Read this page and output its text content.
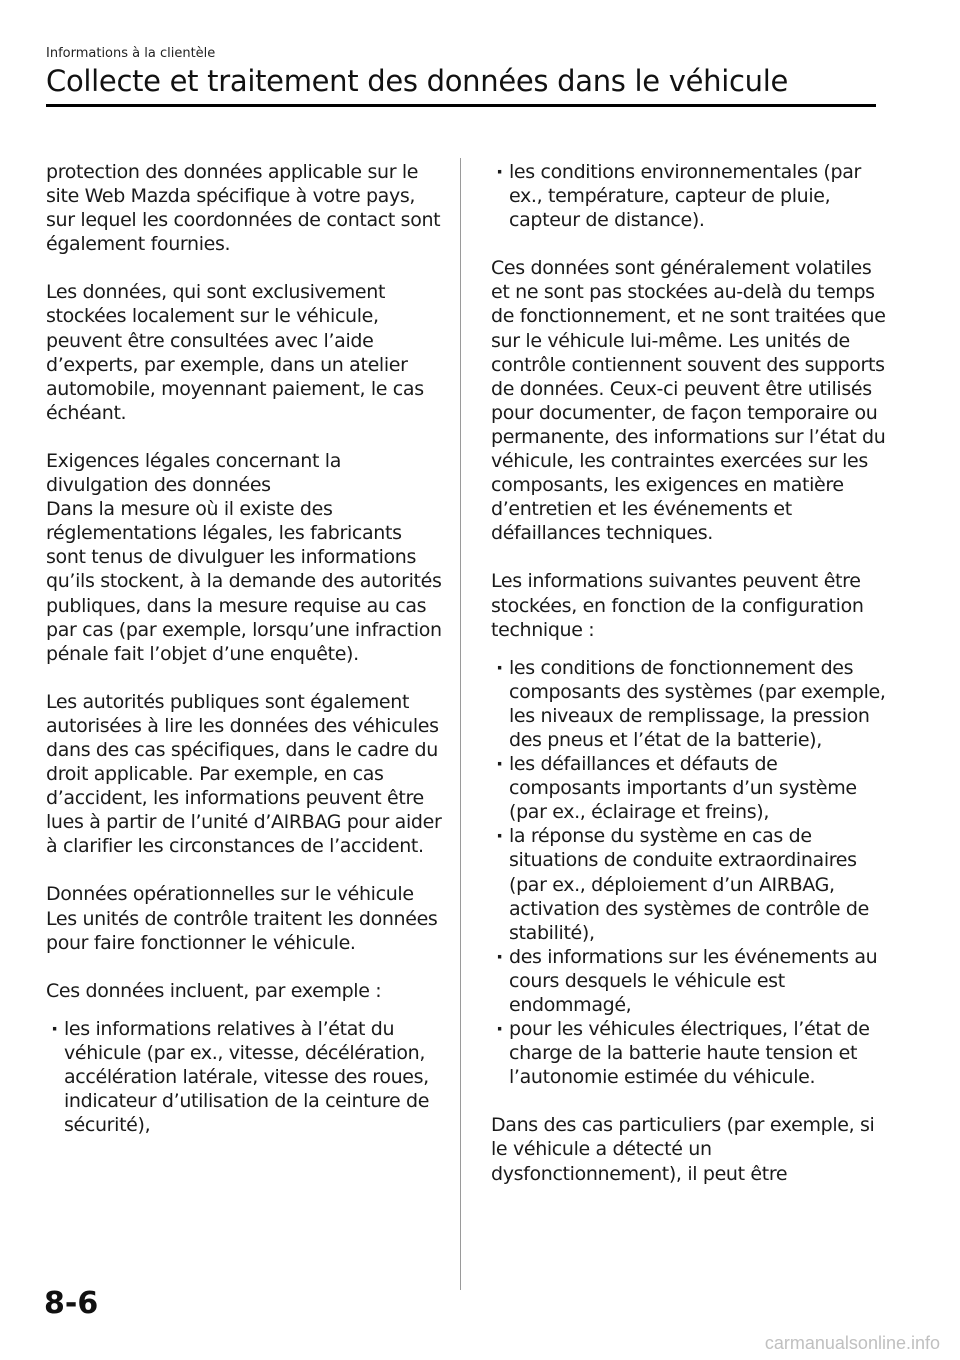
Informations à la clientèle
Collecte et traitement des données dans le véhicule

protection des données applicable sur le site Web Mazda spécifique à votre pays, sur lequel les coordonnées de contact sont également fournies.

Les données, qui sont exclusivement stockées localement sur le véhicule, peuvent être consultées avec l’aide d’experts, par exemple, dans un atelier automobile, moyennant paiement, le cas échéant.

Exigences légales concernant la divulgation des données

Dans la mesure où il existe des réglementations légales, les fabricants sont tenus de divulguer les informations qu’ils stockent, à la demande des autorités publiques, dans la mesure requise au cas par cas (par exemple, lorsqu’une infraction pénale fait l’objet d’une enquête).

Les autorités publiques sont également autorisées à lire les données des véhicules dans des cas spécifiques, dans le cadre du droit applicable. Par exemple, en cas d’accident, les informations peuvent être lues à partir de l’unité d’AIRBAG pour aider à clarifier les circonstances de l’accident.

Données opérationnelles sur le véhicule

Les unités de contrôle traitent les données pour faire fonctionner le véhicule.

Ces données incluent, par exemple :

· les informations relatives à l’état du véhicule (par ex., vitesse, décélération, accélération latérale, vitesse des roues, indicateur d’utilisation de la ceinture de sécurité),
· les conditions environnementales (par ex., température, capteur de pluie, capteur de distance).

Ces données sont généralement volatiles et ne sont pas stockées au-delà du temps de fonctionnement, et ne sont traitées que sur le véhicule lui-même. Les unités de contrôle contiennent souvent des supports de données. Ceux-ci peuvent être utilisés pour documenter, de façon temporaire ou permanente, des informations sur l’état du véhicule, les contraintes exercées sur les composants, les exigences en matière d’entretien et les événements et défaillances techniques.

Les informations suivantes peuvent être stockées, en fonction de la configuration technique :

· les conditions de fonctionnement des composants des systèmes (par exemple, les niveaux de remplissage, la pression des pneus et l’état de la batterie),
· les défaillances et défauts de composants importants d’un système (par ex., éclairage et freins),
· la réponse du système en cas de situations de conduite extraordinaires (par ex., déploiement d’un AIRBAG, activation des systèmes de contrôle de stabilité),
· des informations sur les événements au cours desquels le véhicule est endommagé,
· pour les véhicules électriques, l’état de charge de la batterie haute tension et l’autonomie estimée du véhicule.

Dans des cas particuliers (par exemple, si le véhicule a détecté un dysfonctionnement), il peut être

8-6
carmanualsonline.info
